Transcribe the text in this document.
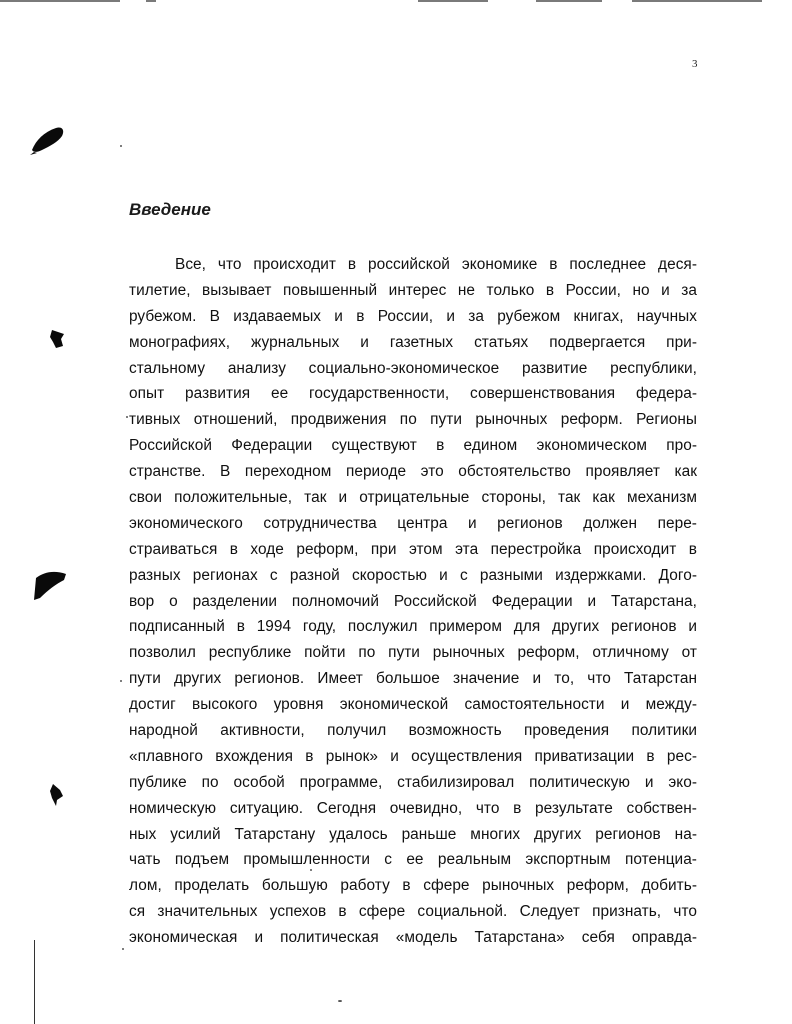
3
Введение
Все, что происходит в российской экономике в последнее деся-
тилетие, вызывает повышенный интерес не только в России, но и за
рубежом. В издаваемых и в России, и за рубежом книгах, научных
монографиях, журнальных и газетных статьях подвергается при-
стальному анализу социально-экономическое развитие республики,
опыт развития ее государственности, совершенствования федера-
тивных отношений, продвижения по пути рыночных реформ. Регионы
Российской Федерации существуют в едином экономическом про-
странстве. В переходном периоде это обстоятельство проявляет как
свои положительные, так и отрицательные стороны, так как механизм
экономического сотрудничества центра и регионов должен пере-
страиваться в ходе реформ, при этом эта перестройка происходит в
разных регионах с разной скоростью и с разными издержками. Дого-
вор о разделении полномочий Российской Федерации и Татарстана,
подписанный в 1994 году, послужил примером для других регионов и
позволил республике пойти по пути рыночных реформ, отличному от
пути других регионов. Имеет большое значение и то, что Татарстан
достиг высокого уровня экономической самостоятельности и между-
народной активности, получил возможность проведения политики
«плавного вхождения в рынок» и осуществления приватизации в рес-
публике по особой программе, стабилизировал политическую и эко-
номическую ситуацию. Сегодня очевидно, что в результате собствен-
ных усилий Татарстану удалось раньше многих других регионов на-
чать подъем промышленности с ее реальным экспортным потенциа-
лом, проделать большую работу в сфере рыночных реформ, добить-
ся значительных успехов в сфере социальной. Следует признать, что
экономическая и политическая «модель Татарстана» себя оправда-
